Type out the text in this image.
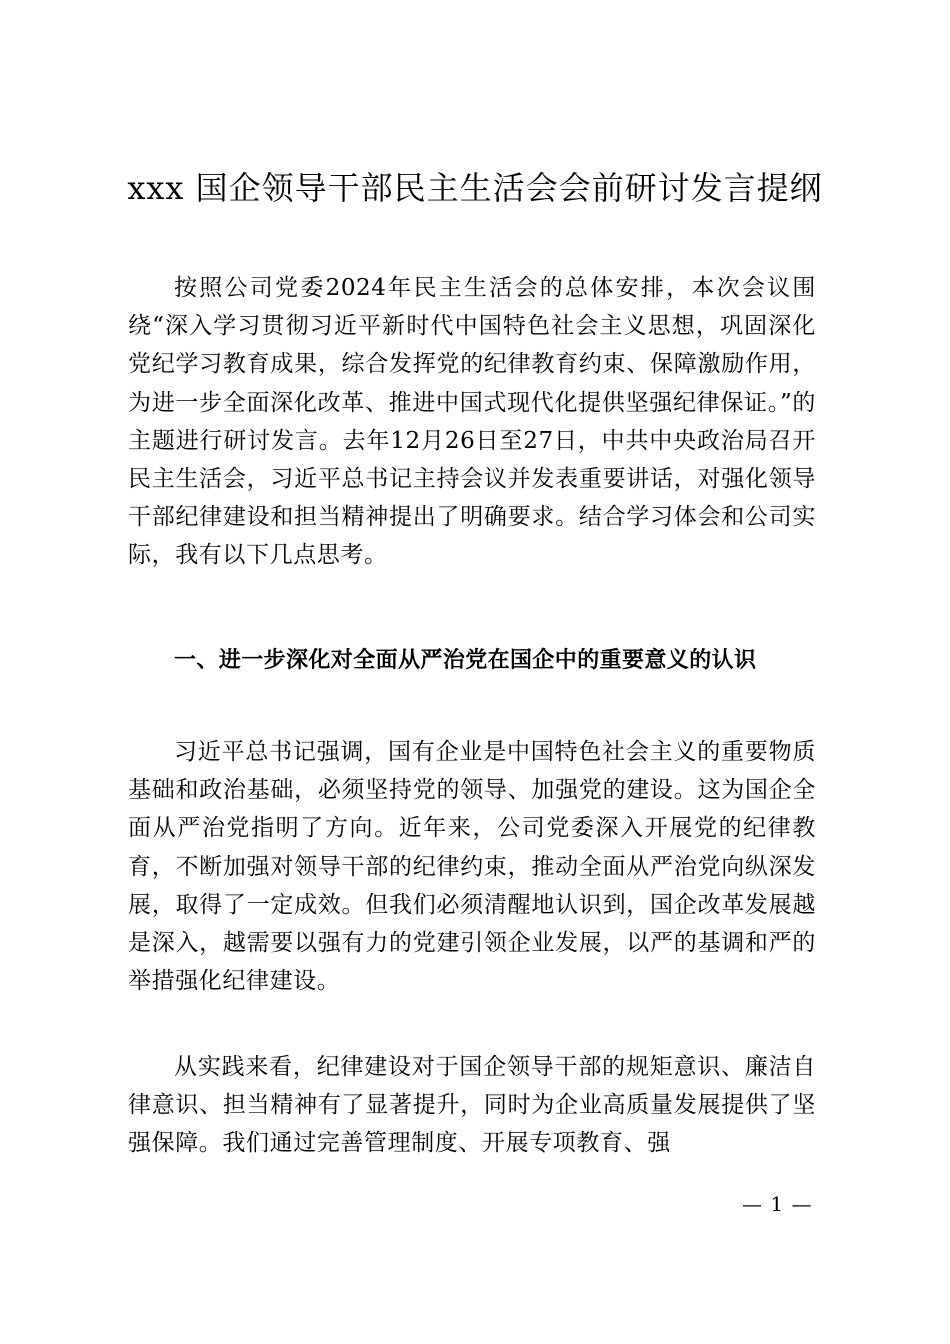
xxx 国企领导干部民主生活会会前研讨发言提纲

按照公司党委2024年民主生活会的总体安排，本次会议围绕“深入学习贯彻习近平新时代中国特色社会主义思想，巩固深化党纪学习教育成果，综合发挥党的纪律教育约束、保障激励作用，为进一步全面深化改革、推进中国式现代化提供坚强纪律保证。”的主题进行研讨发言。去年12月26日至27日，中共中央政治局召开民主生活会，习近平总书记主持会议并发表重要讲话，对强化领导干部纪律建设和担当精神提出了明确要求。结合学习体会和公司实际，我有以下几点思考。

一、进一步深化对全面从严治党在国企中的重要意义的认识

习近平总书记强调，国有企业是中国特色社会主义的重要物质基础和政治基础，必须坚持党的领导、加强党的建设。这为国企全面从严治党指明了方向。近年来，公司党委深入开展党的纪律教育，不断加强对领导干部的纪律约束，推动全面从严治党向纵深发展，取得了一定成效。但我们必须清醒地认识到，国企改革发展越是深入，越需要以强有力的党建引领企业发展，以严的基调和严的举措强化纪律建设。

从实践来看，纪律建设对于国企领导干部的规矩意识、廉洁自律意识、担当精神有了显著提升，同时为企业高质量发展提供了坚强保障。我们通过完善管理制度、开展专项教育、强

— 1 —
